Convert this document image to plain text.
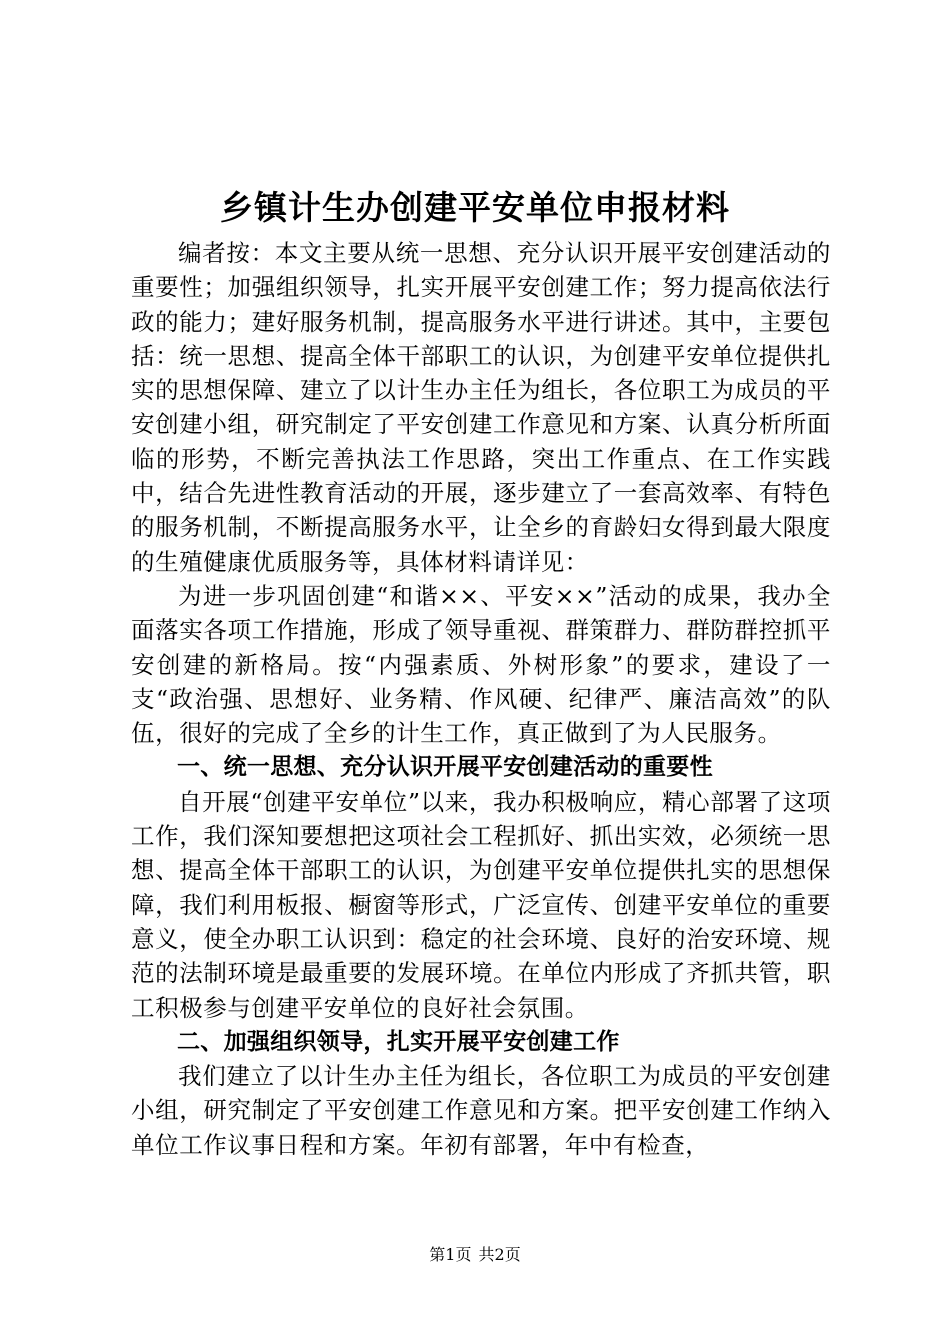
乡镇计生办创建平安单位申报材料

编者按：本文主要从统一思想、充分认识开展平安创建活动的重要性；加强组织领导，扎实开展平安创建工作；努力提高依法行政的能力；建好服务机制，提高服务水平进行讲述。其中，主要包括：统一思想、提高全体干部职工的认识，为创建平安单位提供扎实的思想保障、建立了以计生办主任为组长，各位职工为成员的平安创建小组，研究制定了平安创建工作意见和方案、认真分析所面临的形势，不断完善执法工作思路，突出工作重点、在工作实践中，结合先进性教育活动的开展，逐步建立了一套高效率、有特色的服务机制，不断提高服务水平，让全乡的育龄妇女得到最大限度的生殖健康优质服务等，具体材料请详见：

为进一步巩固创建“和谐××、平安××”活动的成果，我办全面落实各项工作措施，形成了领导重视、群策群力、群防群控抓平安创建的新格局。按“内强素质、外树形象”的要求，建设了一支“政治强、思想好、业务精、作风硬、纪律严、廉洁高效”的队伍，很好的完成了全乡的计生工作，真正做到了为人民服务。

一、统一思想、充分认识开展平安创建活动的重要性

自开展“创建平安单位”以来，我办积极响应，精心部署了这项工作，我们深知要想把这项社会工程抓好、抓出实效，必须统一思想、提高全体干部职工的认识，为创建平安单位提供扎实的思想保障，我们利用板报、橱窗等形式，广泛宣传、创建平安单位的重要意义，使全办职工认识到：稳定的社会环境、良好的治安环境、规范的法制环境是最重要的发展环境。在单位内形成了齐抓共管，职工积极参与创建平安单位的良好社会氛围。

二、加强组织领导，扎实开展平安创建工作

我们建立了以计生办主任为组长，各位职工为成员的平安创建小组，研究制定了平安创建工作意见和方案。把平安创建工作纳入单位工作议事日程和方案。年初有部署，年中有检查，

第1页 共2页
